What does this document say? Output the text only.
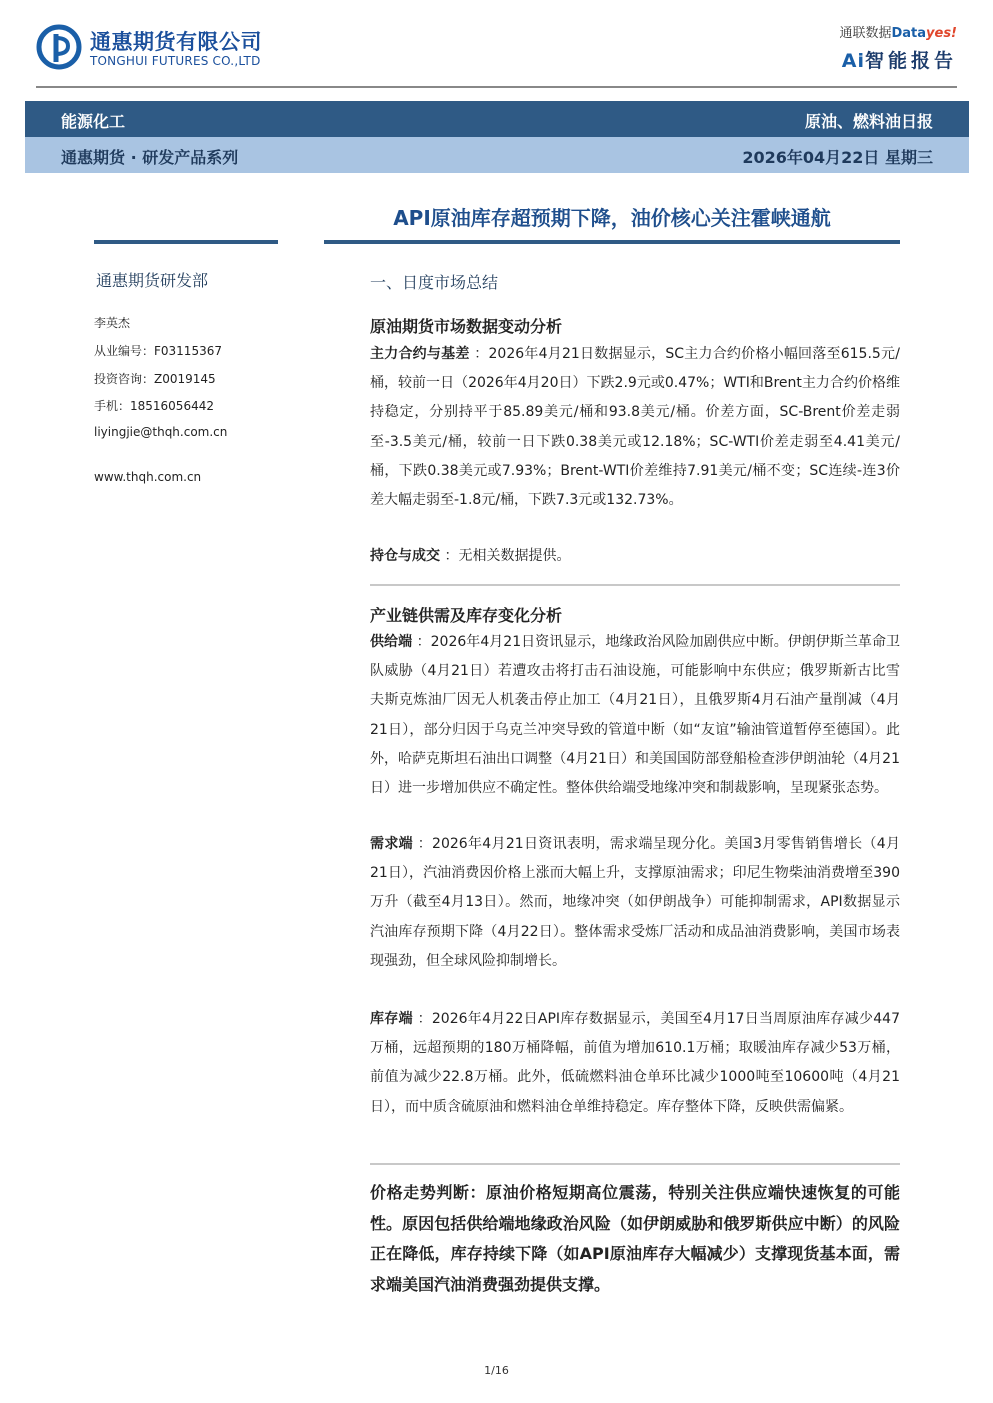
通惠期货有限公司
TONGHUI FUTURES CO.,LTD
通联数据Datayes!
Ai智能报告
能源化工	原油、燃料油日报
通惠期货 · 研发产品系列	2026年04月22日 星期三
API原油库存超预期下降，油价核心关注霍峡通航
通惠期货研发部
李英杰
从业编号：F03115367
投资咨询：Z0019145
手机：18516056442
liyingjie@thqh.com.cn
www.thqh.com.cn
一、日度市场总结
原油期货市场数据变动分析
主力合约与基差 ：2026年4月21日数据显示，SC主力合约价格小幅回落至615.5元/桶，较前一日（2026年4月20日）下跌2.9元或0.47%；WTI和Brent主力合约价格维持稳定，分别持平于85.89美元/桶和93.8美元/桶。价差方面，SC-Brent价差走弱至-3.5美元/桶，较前一日下跌0.38美元或12.18%；SC-WTI价差走弱至4.41美元/桶，下跌0.38美元或7.93%；Brent-WTI价差维持7.91美元/桶不变；SC连续-连3价差大幅走弱至-1.8元/桶，下跌7.3元或132.73%。
持仓与成交 ：无相关数据提供。
产业链供需及库存变化分析
供给端 ：2026年4月21日资讯显示，地缘政治风险加剧供应中断。伊朗伊斯兰革命卫队威胁（4月21日）若遭攻击将打击石油设施，可能影响中东供应；俄罗斯新古比雪夫斯克炼油厂因无人机袭击停止加工（4月21日），且俄罗斯4月石油产量削减（4月21日），部分归因于乌克兰冲突导致的管道中断（如“友谊”输油管道暂停至德国）。此外，哈萨克斯坦石油出口调整（4月21日）和美国国防部登船检查涉伊朗油轮（4月21日）进一步增加供应不确定性。整体供给端受地缘冲突和制裁影响，呈现紧张态势。
需求端 ：2026年4月21日资讯表明，需求端呈现分化。美国3月零售销售增长（4月21日），汽油消费因价格上涨而大幅上升，支撑原油需求；印尼生物柴油消费增至390万升（截至4月13日）。然而，地缘冲突（如伊朗战争）可能抑制需求，API数据显示汽油库存预期下降（4月22日）。整体需求受炼厂活动和成品油消费影响，美国市场表现强劲，但全球风险抑制增长。
库存端 ：2026年4月22日API库存数据显示，美国至4月17日当周原油库存减少447万桶，远超预期的180万桶降幅，前值为增加610.1万桶；取暖油库存减少53万桶，前值为减少22.8万桶。此外，低硫燃料油仓单环比减少1000吨至10600吨（4月21日），而中质含硫原油和燃料油仓单维持稳定。库存整体下降，反映供需偏紧。
价格走势判断：原油价格短期高位震荡，特别关注供应端快速恢复的可能性。原因包括供给端地缘政治风险（如伊朗威胁和俄罗斯供应中断）的风险正在降低，库存持续下降（如API原油库存大幅减少）支撑现货基本面，需求端美国汽油消费强劲提供支撑。
1/16
